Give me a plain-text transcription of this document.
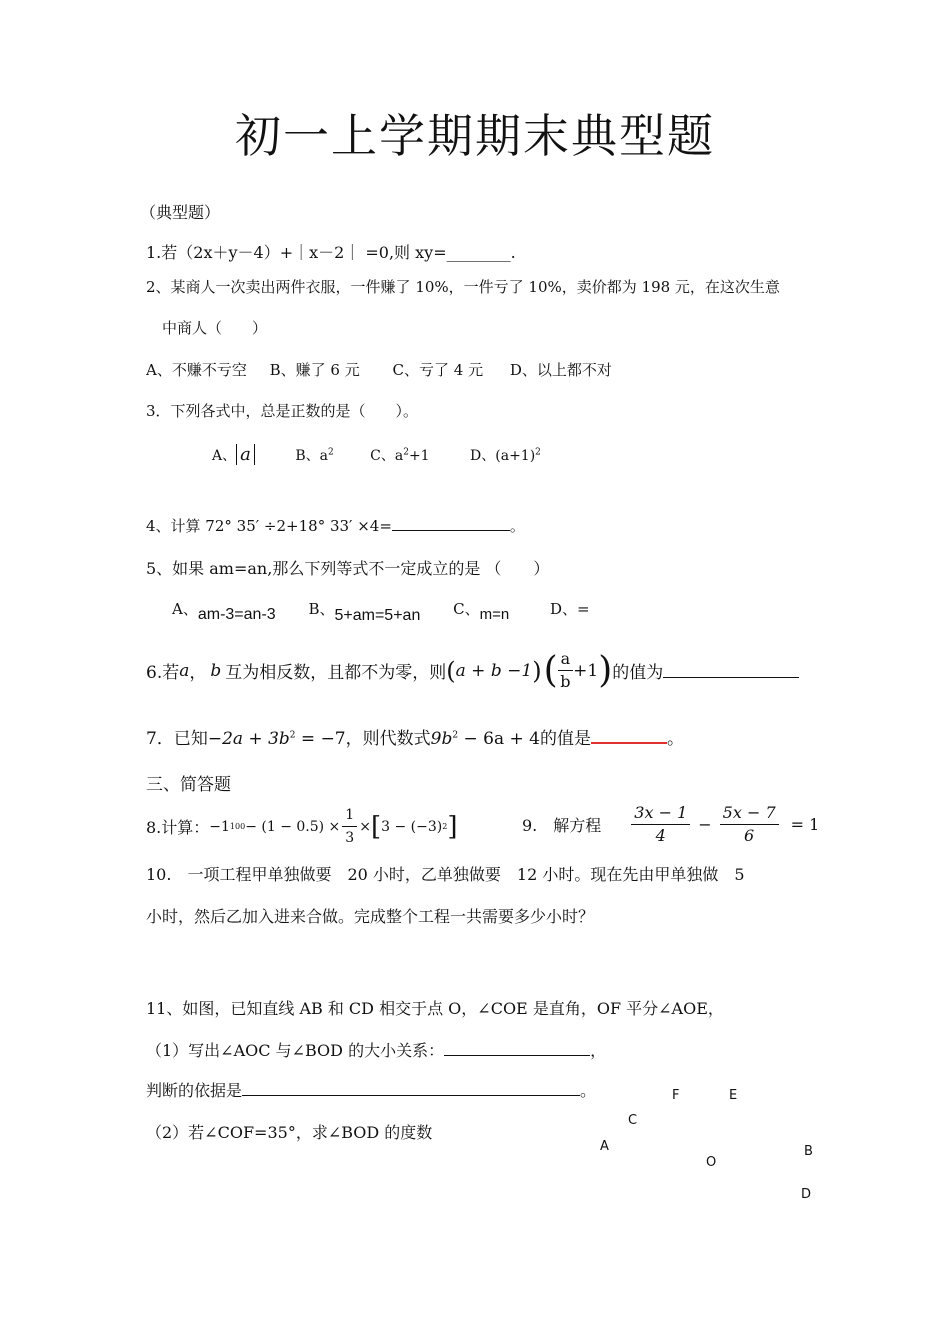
初一上学期期末典型题
（典型题）
1.若（2x＋y－4）+｜x－2｜ =0,则 xy=________.
2、某商人一次卖出两件衣服，一件赚了 10%，一件亏了 10%，卖价都为 198 元，在这次生意
中商人（　　）
A、不赚不亏空 B、赚了 6 元 C、亏了 4 元 D、以上都不对
3．下列各式中，总是正数的是（　　）。
A、 a	B、$a^2$	C、$a^2+1$	D、$(a+1)^2$
4、计算 72° 35′ ÷2+18° 33′ ×4=	。
5、如果 am=an,那么下列等式不一定成立的是 （　　）
A、am-3=an-3 B、5+am=5+an C、m=n	D、=
6.若 a ， b 互为相反数，且都不为零，则 ( a + b −1 ) ( $\frac{a}{b} +1$ ) 的值为
7．已知$-2a + 3b^2 = -7$，则代数式$9b^2 - 6a + 4$的值是	。
三、简答题
8.计算： −1 $100 - (1 - 0.5) \times \frac{1}{3}$ × [ 3 − (−3) 2 ]	9.　解方程 $\frac{3x - 1}{4} - \frac{5x - 7}{6} = 1$
10.　一项工程甲单独做要　20 小时，乙单独做要　12 小时。现在先由甲单独做　5
小时，然后乙加入进来合做。完成整个工程一共需要多少小时？
11、如图，已知直线 AB 和 CD 相交于点 O，∠COE 是直角，OF 平分∠AOE，
（1）写出∠AOC 与∠BOD 的大小关系：	，
判断的依据是	。
（2）若∠COF=35°，求∠BOD 的度数
F	E
C
A
O
B
D
